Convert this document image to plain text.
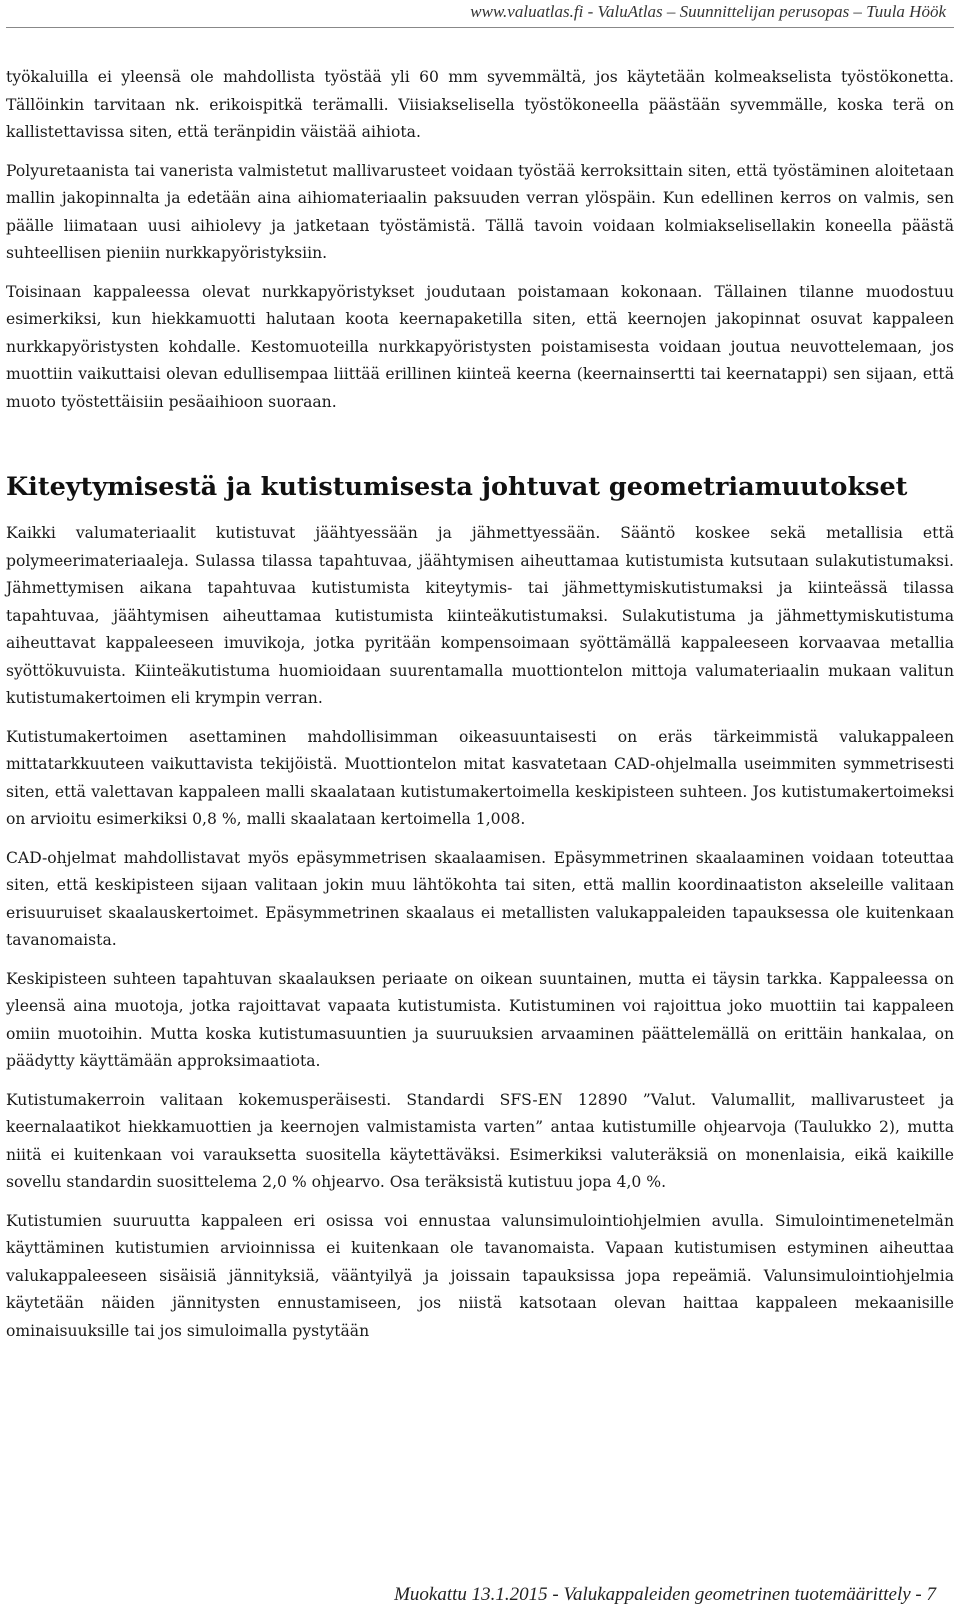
www.valuatlas.fi - ValuAtlas – Suunnittelijan perusopas – Tuula Höök

työkaluilla ei yleensä ole mahdollista työstää yli 60 mm syvemmältä, jos käytetään kolmeakselista työstökonetta. Tällöinkin tarvitaan nk. erikoispitkä terämalli. Viisiakselisella työstökoneella päästään syvemmälle, koska terä on kallistettavissa siten, että teränpidin väistää aihiota.

Polyuretaanista tai vanerista valmistetut mallivarusteet voidaan työstää kerroksittain siten, että työstäminen aloitetaan mallin jakopinnalta ja edetään aina aihiomateriaalin paksuuden verran ylöspäin. Kun edellinen kerros on valmis, sen päälle liimataan uusi aihiolevy ja jatketaan työstämistä. Tällä tavoin voidaan kolmiakselisellakin koneella päästä suhteellisen pieniin nurkkapyöristyksiin.

Toisinaan kappaleessa olevat nurkkapyöristykset joudutaan poistamaan kokonaan. Tällainen tilanne muodostuu esimerkiksi, kun hiekkamuotti halutaan koota keernapaketilla siten, että keernojen jakopinnat osuvat kappaleen nurkkapyöristysten kohdalle. Kestomuoteilla nurkkapyöristysten poistamisesta voidaan joutua neuvottelemaan, jos muottiin vaikuttaisi olevan edullisempaa liittää erillinen kiinteä keerna (keernainsertti tai keernatappi) sen sijaan, että muoto työstettäisiin pesäaihioon suoraan.

Kiteytymisestä ja kutistumisesta johtuvat geometriamuutokset

Kaikki valumateriaalit kutistuvat jäähtyessään ja jähmettyessään. Sääntö koskee sekä metallisia että polymeerimateriaaleja. Sulassa tilassa tapahtuvaa, jäähtymisen aiheuttamaa kutistumista kutsutaan sulakutistumaksi. Jähmettymisen aikana tapahtuvaa kutistumista kiteytymis- tai jähmettymiskutistumaksi ja kiinteässä tilassa tapahtuvaa, jäähtymisen aiheuttamaa kutistumista kiinteäkutistumaksi. Sulakutistuma ja jähmettymiskutistuma aiheuttavat kappaleeseen imuvikoja, jotka pyritään kompensoimaan syöttämällä kappaleeseen korvaavaa metallia syöttökuvuista. Kiinteäkutistuma huomioidaan suurentamalla muottiontelon mittoja valumateriaalin mukaan valitun kutistumakertoimen eli krympin verran.

Kutistumakertoimen asettaminen mahdollisimman oikeasuuntaisesti on eräs tärkeimmistä valukappaleen mittatarkkuuteen vaikuttavista tekijöistä. Muottiontelon mitat kasvatetaan CAD-ohjelmalla useimmiten symmetrisesti siten, että valettavan kappaleen malli skaalataan kutistumakertoimella keskipisteen suhteen. Jos kutistumakertoimeksi on arvioitu esimerkiksi 0,8 %, malli skaalataan kertoimella 1,008.

CAD-ohjelmat mahdollistavat myös epäsymmetrisen skaalaamisen. Epäsymmetrinen skaalaaminen voidaan toteuttaa siten, että keskipisteen sijaan valitaan jokin muu lähtökohta tai siten, että mallin koordinaatiston akseleille valitaan erisuuruiset skaalauskertoimet. Epäsymmetrinen skaalaus ei metallisten valukappaleiden tapauksessa ole kuitenkaan tavanomaista.

Keskipisteen suhteen tapahtuvan skaalauksen periaate on oikean suuntainen, mutta ei täysin tarkka. Kappaleessa on yleensä aina muotoja, jotka rajoittavat vapaata kutistumista. Kutistuminen voi rajoittua joko muottiin tai kappaleen omiin muotoihin. Mutta koska kutistumasuuntien ja suuruuksien arvaaminen päättelemällä on erittäin hankalaa, on päädytty käyttämään approksimaatiota.

Kutistumakerroin valitaan kokemusperäisesti. Standardi SFS-EN 12890 ”Valut. Valumallit, mallivarusteet ja keernalaatikot hiekkamuottien ja keernojen valmistamista varten” antaa kutistumille ohjearvoja (Taulukko 2), mutta niitä ei kuitenkaan voi varauksetta suositella käytettäväksi. Esimerkiksi valuteräksiä on monenlaisia, eikä kaikille sovellu standardin suosittelema 2,0 % ohjearvo. Osa teräksistä kutistuu jopa 4,0 %.

Kutistumien suuruutta kappaleen eri osissa voi ennustaa valunsimulointiohjelmien avulla. Simulointimenetelmän käyttäminen kutistumien arvioinnissa ei kuitenkaan ole tavanomaista. Vapaan kutistumisen estyminen aiheuttaa valukappaleeseen sisäisiä jännityksiä, vääntyilyä ja joissain tapauksissa jopa repeämiä. Valunsimulointiohjelmia käytetään näiden jännitysten ennustamiseen, jos niistä katsotaan olevan haittaa kappaleen mekaanisille ominaisuuksille tai jos simuloimalla pystytään

Muokattu 13.1.2015 - Valukappaleiden geometrinen tuotemäärittely - 7
